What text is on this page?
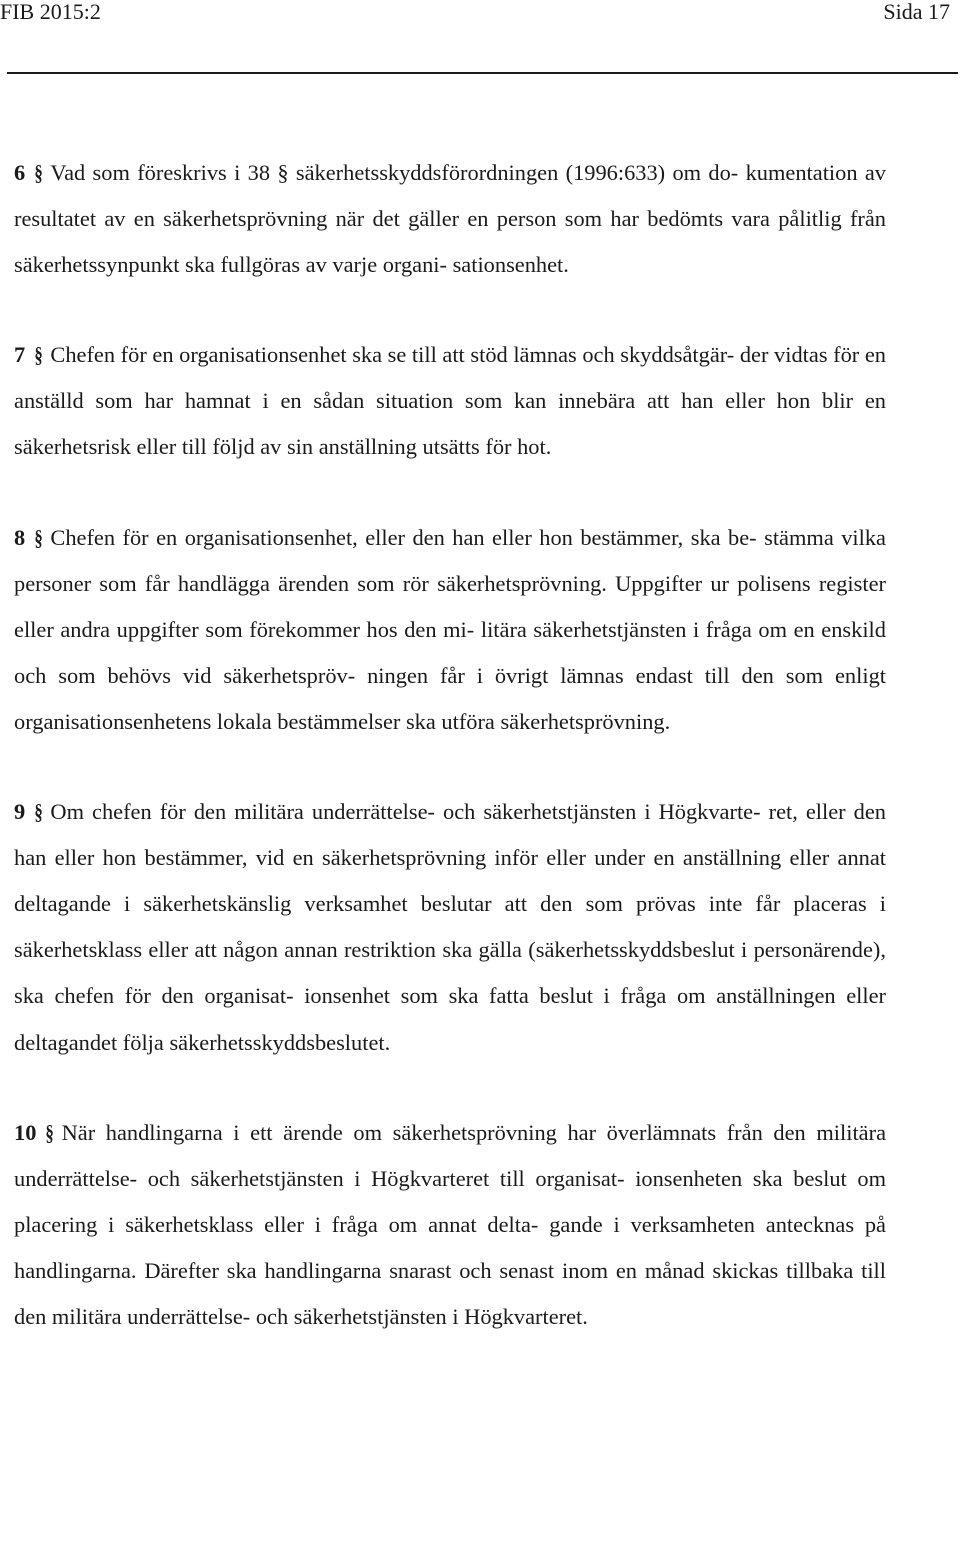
FIB 2015:2	Sida 17

6 § Vad som föreskrivs i 38 § säkerhetsskyddsförordningen (1996:633) om do- kumentation av resultatet av en säkerhetsprövning när det gäller en person som har bedömts vara pålitlig från säkerhetssynpunkt ska fullgöras av varje organi- sationsenhet.

7 § Chefen för en organisationsenhet ska se till att stöd lämnas och skyddsåtgär- der vidtas för en anställd som har hamnat i en sådan situation som kan innebära att han eller hon blir en säkerhetsrisk eller till följd av sin anställning utsätts för hot.

8 § Chefen för en organisationsenhet, eller den han eller hon bestämmer, ska be- stämma vilka personer som får handlägga ärenden som rör säkerhetsprövning. Uppgifter ur polisens register eller andra uppgifter som förekommer hos den mi- litära säkerhetstjänsten i fråga om en enskild och som behövs vid säkerhetspröv- ningen får i övrigt lämnas endast till den som enligt organisationsenhetens lokala bestämmelser ska utföra säkerhetsprövning.

9 § Om chefen för den militära underrättelse- och säkerhetstjänsten i Högkvarte- ret, eller den han eller hon bestämmer, vid en säkerhetsprövning inför eller under en anställning eller annat deltagande i säkerhetskänslig verksamhet beslutar att den som prövas inte får placeras i säkerhetsklass eller att någon annan restriktion ska gälla (säkerhetsskyddsbeslut i personärende), ska chefen för den organisat- ionsenhet som ska fatta beslut i fråga om anställningen eller deltagandet följa säkerhetsskyddsbeslutet.

10 § När handlingarna i ett ärende om säkerhetsprövning har överlämnats från den militära underrättelse- och säkerhetstjänsten i Högkvarteret till organisat- ionsenheten ska beslut om placering i säkerhetsklass eller i fråga om annat delta- gande i verksamheten antecknas på handlingarna. Därefter ska handlingarna snarast och senast inom en månad skickas tillbaka till den militära underrättelse- och säkerhetstjänsten i Högkvarteret.
